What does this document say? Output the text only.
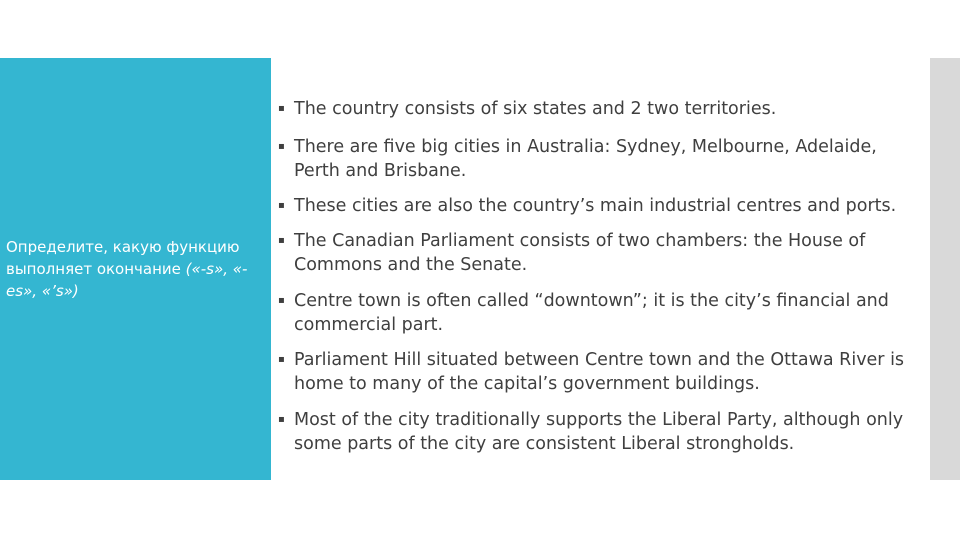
Определите, какую функцию выполняет окончание («-s», «-es», «’s»)
▪ The country consists of six states and 2 two territories.
▪ There are five big cities in Australia: Sydney, Melbourne, Adelaide, Perth and Brisbane.
▪ These cities are also the country’s main industrial centres and ports.
▪ The Canadian Parliament consists of two chambers: the House of Commons and the Senate.
▪ Centre town is often called “downtown”; it is the city’s financial and commercial part.
▪ Parliament Hill situated between Centre town and the Ottawa River is home to many of the capital’s government buildings.
▪ Most of the city traditionally supports the Liberal Party, although only some parts of the city are consistent Liberal strongholds.
